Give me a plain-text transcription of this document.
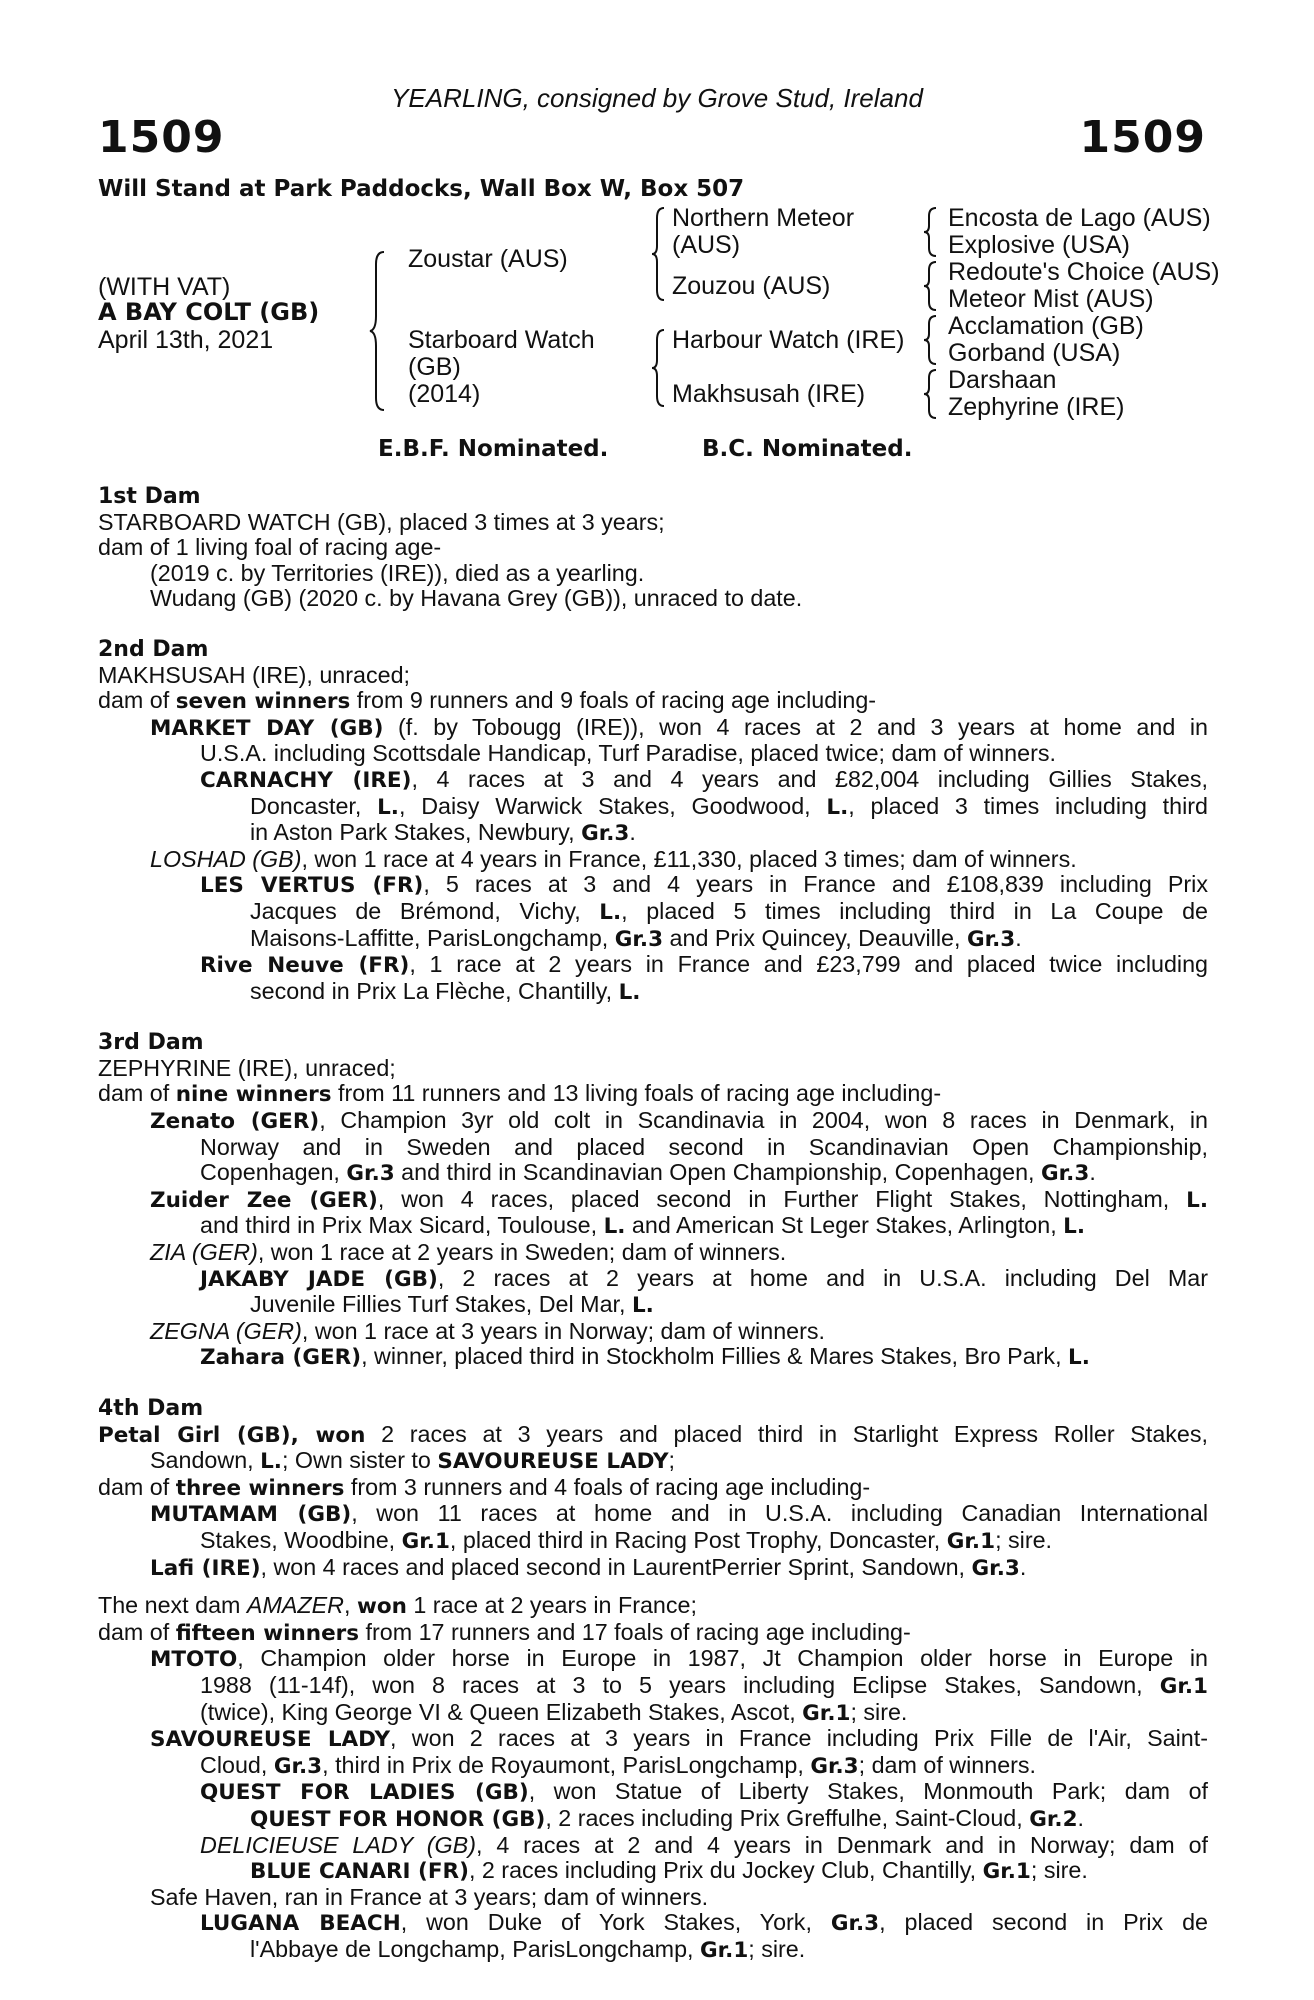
YEARLING, consigned by Grove Stud, Ireland
1509	1509
Will Stand at Park Paddocks, Wall Box W, Box 507
(WITH VAT)
A BAY COLT (GB)
April 13th, 2021
Zoustar (AUS)
Starboard Watch
(GB)
(2014)
Northern Meteor
(AUS)
Zouzou (AUS)
Harbour Watch (IRE)
Makhsusah (IRE)
Encosta de Lago (AUS)
Explosive (USA)
Redoute's Choice (AUS)
Meteor Mist (AUS)
Acclamation (GB)
Gorband (USA)
Darshaan
Zephyrine (IRE)
E.B.F. Nominated.	B.C. Nominated.

1st Dam

STARBOARD WATCH (GB), placed 3 times at 3 years;

dam of 1 living foal of racing age-

(2019 c. by Territories (IRE)), died as a yearling.

Wudang (GB) (2020 c. by Havana Grey (GB)), unraced to date.

2nd Dam

MAKHSUSAH (IRE), unraced;

dam of seven winners from 9 runners and 9 foals of racing age including-

MARKET DAY (GB) (f. by Tobougg (IRE)), won 4 races at 2 and 3 years at home and in

U.S.A. including Scottsdale Handicap, Turf Paradise, placed twice; dam of winners.

CARNACHY (IRE), 4 races at 3 and 4 years and £82,004 including Gillies Stakes,

Doncaster, L., Daisy Warwick Stakes, Goodwood, L., placed 3 times including third

in Aston Park Stakes, Newbury, Gr.3.

LOSHAD (GB), won 1 race at 4 years in France, £11,330, placed 3 times; dam of winners.

LES VERTUS (FR), 5 races at 3 and 4 years in France and £108,839 including Prix

Jacques de Brémond, Vichy, L., placed 5 times including third in La Coupe de

Maisons-Laffitte, ParisLongchamp, Gr.3 and Prix Quincey, Deauville, Gr.3.

Rive Neuve (FR), 1 race at 2 years in France and £23,799 and placed twice including

second in Prix La Flèche, Chantilly, L.

3rd Dam

ZEPHYRINE (IRE), unraced;

dam of nine winners from 11 runners and 13 living foals of racing age including-

Zenato (GER), Champion 3yr old colt in Scandinavia in 2004, won 8 races in Denmark, in

Norway and in Sweden and placed second in Scandinavian Open Championship,

Copenhagen, Gr.3 and third in Scandinavian Open Championship, Copenhagen, Gr.3.

Zuider Zee (GER), won 4 races, placed second in Further Flight Stakes, Nottingham, L.

and third in Prix Max Sicard, Toulouse, L. and American St Leger Stakes, Arlington, L.

ZIA (GER), won 1 race at 2 years in Sweden; dam of winners.

JAKABY JADE (GB), 2 races at 2 years at home and in U.S.A. including Del Mar

Juvenile Fillies Turf Stakes, Del Mar, L.

ZEGNA (GER), won 1 race at 3 years in Norway; dam of winners.

Zahara (GER), winner, placed third in Stockholm Fillies & Mares Stakes, Bro Park, L.

4th Dam

Petal Girl (GB), won 2 races at 3 years and placed third in Starlight Express Roller Stakes,

Sandown, L.; Own sister to SAVOUREUSE LADY;

dam of three winners from 3 runners and 4 foals of racing age including-

MUTAMAM (GB), won 11 races at home and in U.S.A. including Canadian International

Stakes, Woodbine, Gr.1, placed third in Racing Post Trophy, Doncaster, Gr.1; sire.

Lafi (IRE), won 4 races and placed second in LaurentPerrier Sprint, Sandown, Gr.3.

The next dam AMAZER, won 1 race at 2 years in France;

dam of fifteen winners from 17 runners and 17 foals of racing age including-

MTOTO, Champion older horse in Europe in 1987, Jt Champion older horse in Europe in

1988 (11-14f), won 8 races at 3 to 5 years including Eclipse Stakes, Sandown, Gr.1

(twice), King George VI & Queen Elizabeth Stakes, Ascot, Gr.1; sire.

SAVOUREUSE LADY, won 2 races at 3 years in France including Prix Fille de l'Air, Saint-

Cloud, Gr.3, third in Prix de Royaumont, ParisLongchamp, Gr.3; dam of winners.

QUEST FOR LADIES (GB), won Statue of Liberty Stakes, Monmouth Park; dam of

QUEST FOR HONOR (GB), 2 races including Prix Greffulhe, Saint-Cloud, Gr.2.

DELICIEUSE LADY (GB), 4 races at 2 and 4 years in Denmark and in Norway; dam of

BLUE CANARI (FR), 2 races including Prix du Jockey Club, Chantilly, Gr.1; sire.

Safe Haven, ran in France at 3 years; dam of winners.

LUGANA BEACH, won Duke of York Stakes, York, Gr.3, placed second in Prix de

l'Abbaye de Longchamp, ParisLongchamp, Gr.1; sire.
